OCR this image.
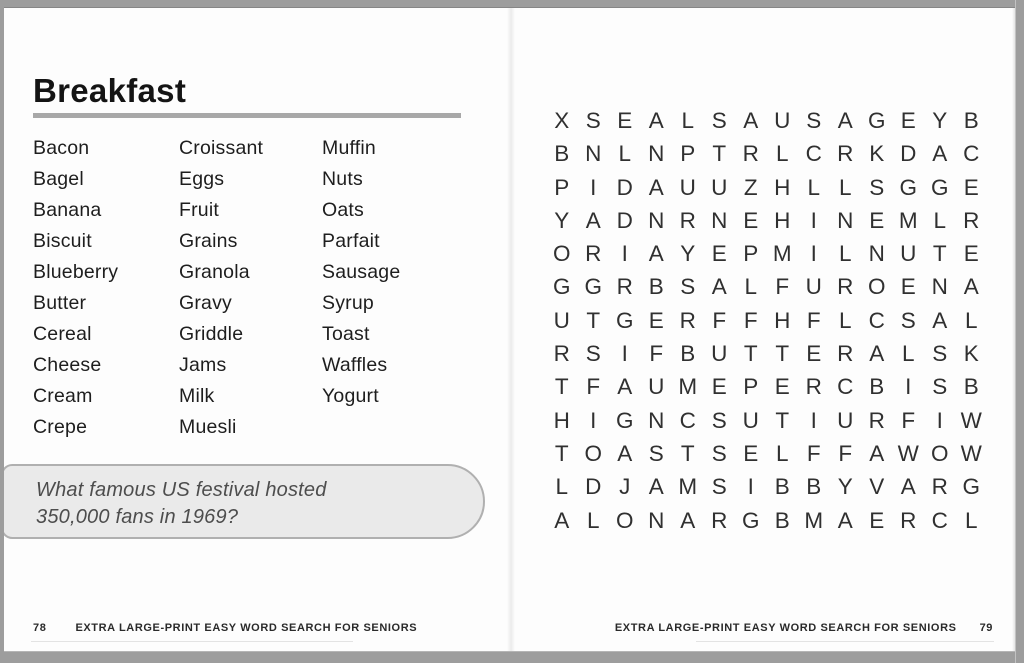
Breakfast
Bacon
Bagel
Banana
Biscuit
Blueberry
Butter
Cereal
Cheese
Cream
Crepe
Croissant
Eggs
Fruit
Grains
Granola
Gravy
Griddle
Jams
Milk
Muesli
Muffin
Nuts
Oats
Parfait
Sausage
Syrup
Toast
Waffles
Yogurt
What famous US festival hosted
350,000 fans in 1969?
78	EXTRA LARGE-PRINT EASY WORD SEARCH FOR SENIORS
X S E A L S A U S A G E Y B
B N L N P T R L C R K D A C
P I D A U U Z H L L S G G E
Y A D N R N E H I N E M L R
O R I A Y E P M I L N U T E
G G R B S A L F U R O E N A
U T G E R F F H F L C S A L
R S I F B U T T E R A L S K
T F A U M E P E R C B I S B
H I G N C S U T I U R F I W
T O A S T S E L F F A W O W
L D J A M S I B B Y V A R G
A L O N A R G B M A E R C L
EXTRA LARGE-PRINT EASY WORD SEARCH FOR SENIORS 79
